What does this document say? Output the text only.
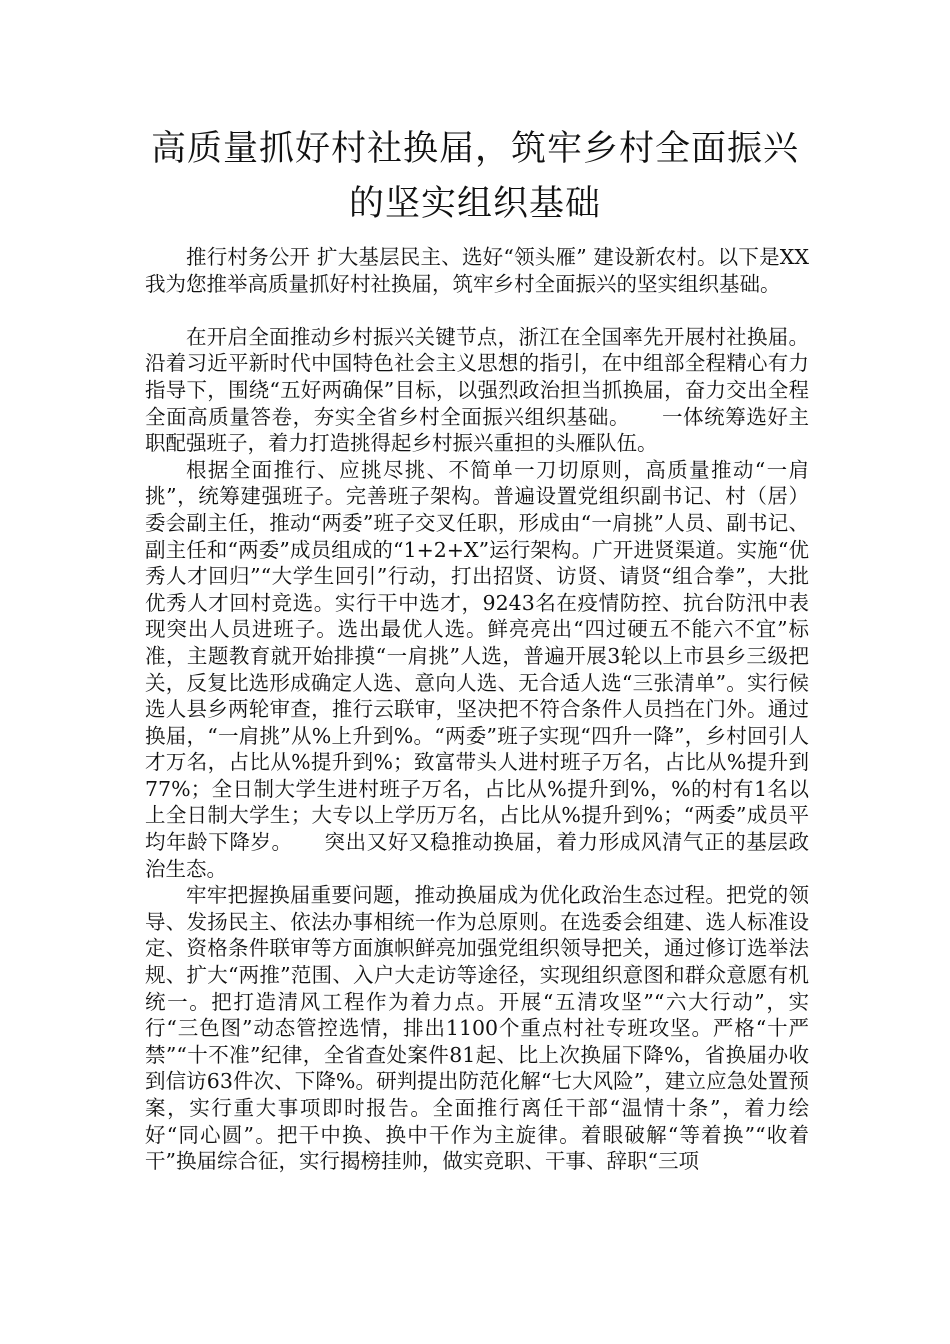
高质量抓好村社换届，筑牢乡村全面振兴
的坚实组织基础

推行村务公开 扩大基层民主、选好“领头雁” 建设新农村。以下是XX我为您推举高质量抓好村社换届，筑牢乡村全面振兴的坚实组织基础。

在开启全面推动乡村振兴关键节点，浙江在全国率先开展村社换届。沿着习近平新时代中国特色社会主义思想的指引，在中组部全程精心有力指导下，围绕“五好两确保”目标，以强烈政治担当抓换届，奋力交出全程全面高质量答卷，夯实全省乡村全面振兴组织基础。　　一体统筹选好主职配强班子，着力打造挑得起乡村振兴重担的头雁队伍。

根据全面推行、应挑尽挑、不简单一刀切原则，高质量推动“一肩挑”，统筹建强班子。完善班子架构。普遍设置党组织副书记、村（居）委会副主任，推动“两委”班子交叉任职，形成由“一肩挑”人员、副书记、副主任和“两委”成员组成的“1+2+X”运行架构。广开进贤渠道。实施“优秀人才回归”“大学生回引”行动，打出招贤、访贤、请贤“组合拳”，大批优秀人才回村竞选。实行干中选才，9243名在疫情防控、抗台防汛中表现突出人员进班子。选出最优人选。鲜亮亮出“四过硬五不能六不宜”标准，主题教育就开始排摸“一肩挑”人选，普遍开展3轮以上市县乡三级把关，反复比选形成确定人选、意向人选、无合适人选“三张清单”。实行候选人县乡两轮审查，推行云联审，坚决把不符合条件人员挡在门外。通过换届，“一肩挑”从%上升到%。“两委”班子实现“四升一降”，乡村回引人才万名，占比从%提升到%；致富带头人进村班子万名，占比从%提升到77%；全日制大学生进村班子万名，占比从%提升到%，%的村有1名以上全日制大学生；大专以上学历万名，占比从%提升到%；“两委”成员平均年龄下降岁。　　突出又好又稳推动换届，着力形成风清气正的基层政治生态。

牢牢把握换届重要问题，推动换届成为优化政治生态过程。把党的领导、发扬民主、依法办事相统一作为总原则。在选委会组建、选人标准设定、资格条件联审等方面旗帜鲜亮加强党组织领导把关，通过修订选举法规、扩大“两推”范围、入户大走访等途径，实现组织意图和群众意愿有机统一。把打造清风工程作为着力点。开展“五清攻坚”“六大行动”，实行“三色图”动态管控选情，排出1100个重点村社专班攻坚。严格“十严禁”“十不准”纪律，全省查处案件81起、比上次换届下降%，省换届办收到信访63件次、下降%。研判提出防范化解“七大风险”，建立应急处置预案，实行重大事项即时报告。全面推行离任干部“温情十条”，着力绘好“同心圆”。把干中换、换中干作为主旋律。着眼破解“等着换”“收着干”换届综合征，实行揭榜挂帅，做实竞职、干事、辞职“三项
